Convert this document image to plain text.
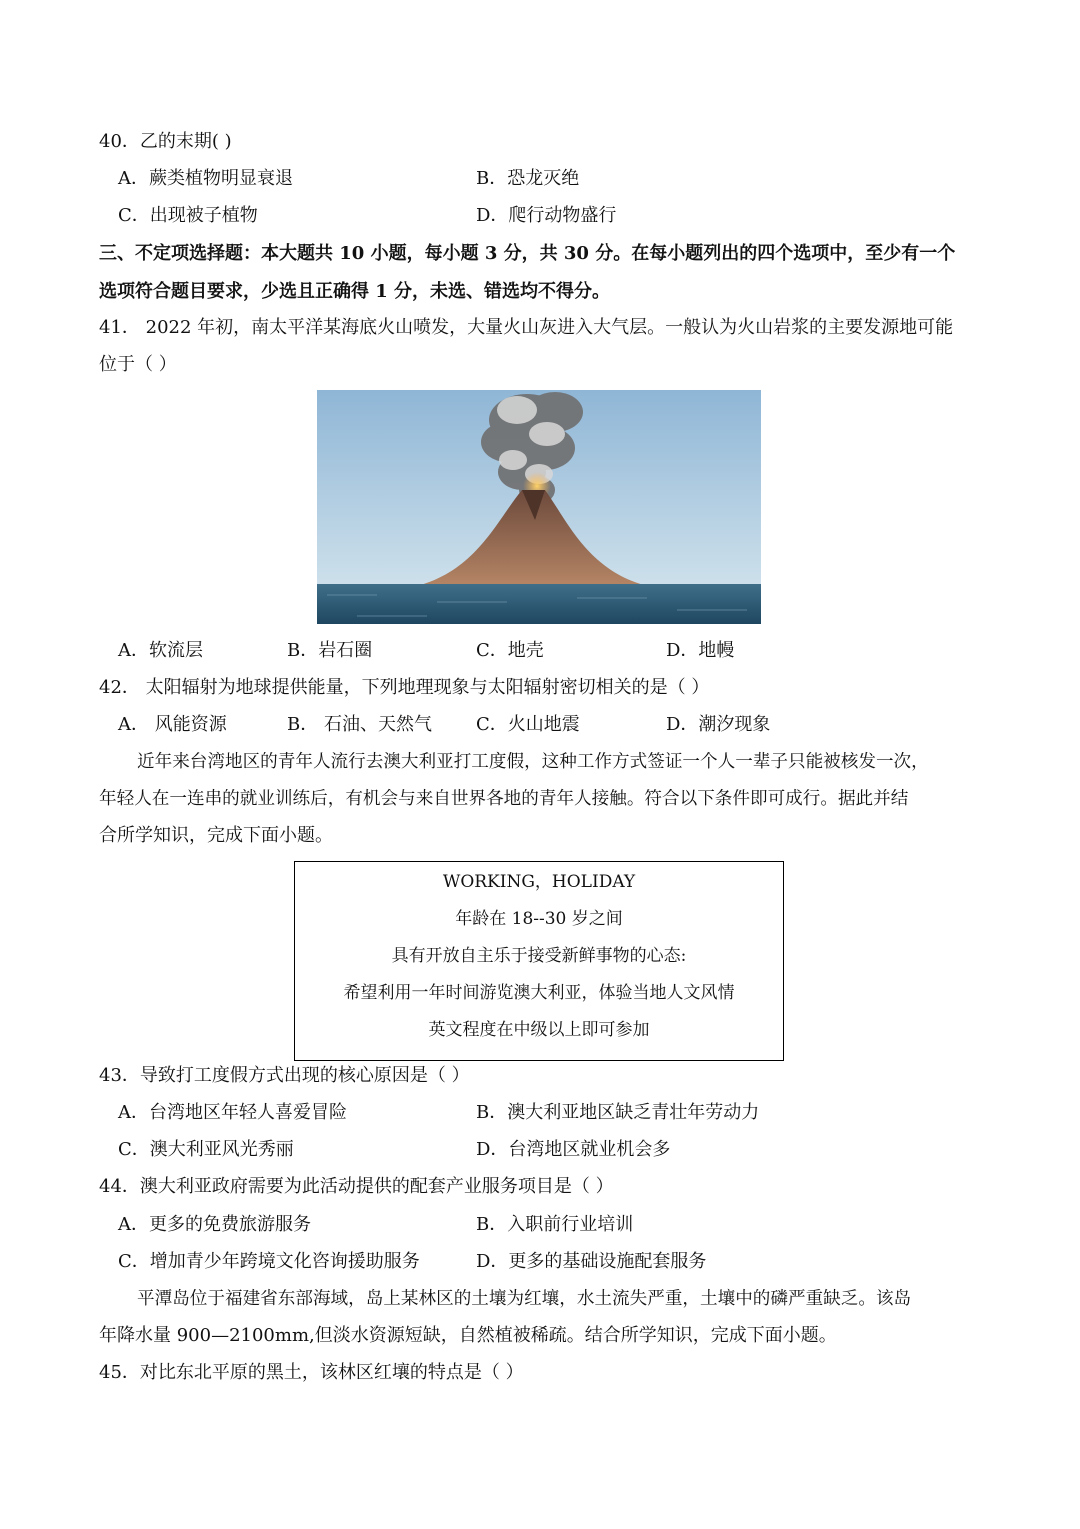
40．乙的末期( )
A．蕨类植物明显衰退	B．恐龙灭绝
C．出现被子植物	D．爬行动物盛行
三、不定项选择题：本大题共 10 小题，每小题 3 分，共 30 分。在每小题列出的四个选项中，至少有一个
选项符合题目要求，少选且正确得 1 分，未选、错选均不得分。
41． 2022 年初，南太平洋某海底火山喷发，大量火山灰进入大气层。一般认为火山岩浆的主要发源地可能
位于（ ）
A．软流层	B．岩石圈	C．地壳	D．地幔
42． 太阳辐射为地球提供能量，下列地理现象与太阳辐射密切相关的是（ ）
A． 风能资源	B． 石油、天然气 C．火山地震	D．潮汐现象
近年来台湾地区的青年人流行去澳大利亚打工度假，这种工作方式签证一个人一辈子只能被核发一次，
年轻人在一连串的就业训练后，有机会与来自世界各地的青年人接触。符合以下条件即可成行。据此并结
合所学知识，完成下面小题。
WORKING，HOLIDAY
年龄在 18--30 岁之间
具有开放自主乐于接受新鲜事物的心态:
希望利用一年时间游览澳大利亚，体验当地人文风情
英文程度在中级以上即可参加
43．导致打工度假方式出现的核心原因是（ ）
A．台湾地区年轻人喜爱冒险	B．澳大利亚地区缺乏青壮年劳动力
C．澳大利亚风光秀丽	D．台湾地区就业机会多
44．澳大利亚政府需要为此活动提供的配套产业服务项目是（ ）
A．更多的免费旅游服务	B．入职前行业培训
C．增加青少年跨境文化咨询援助服务	D．更多的基础设施配套服务
平潭岛位于福建省东部海域，岛上某林区的土壤为红壤，水土流失严重，土壤中的磷严重缺乏。该岛
年降水量 900—2100mm,但淡水资源短缺，自然植被稀疏。结合所学知识，完成下面小题。
45．对比东北平原的黑土，该林区红壤的特点是（ ）
